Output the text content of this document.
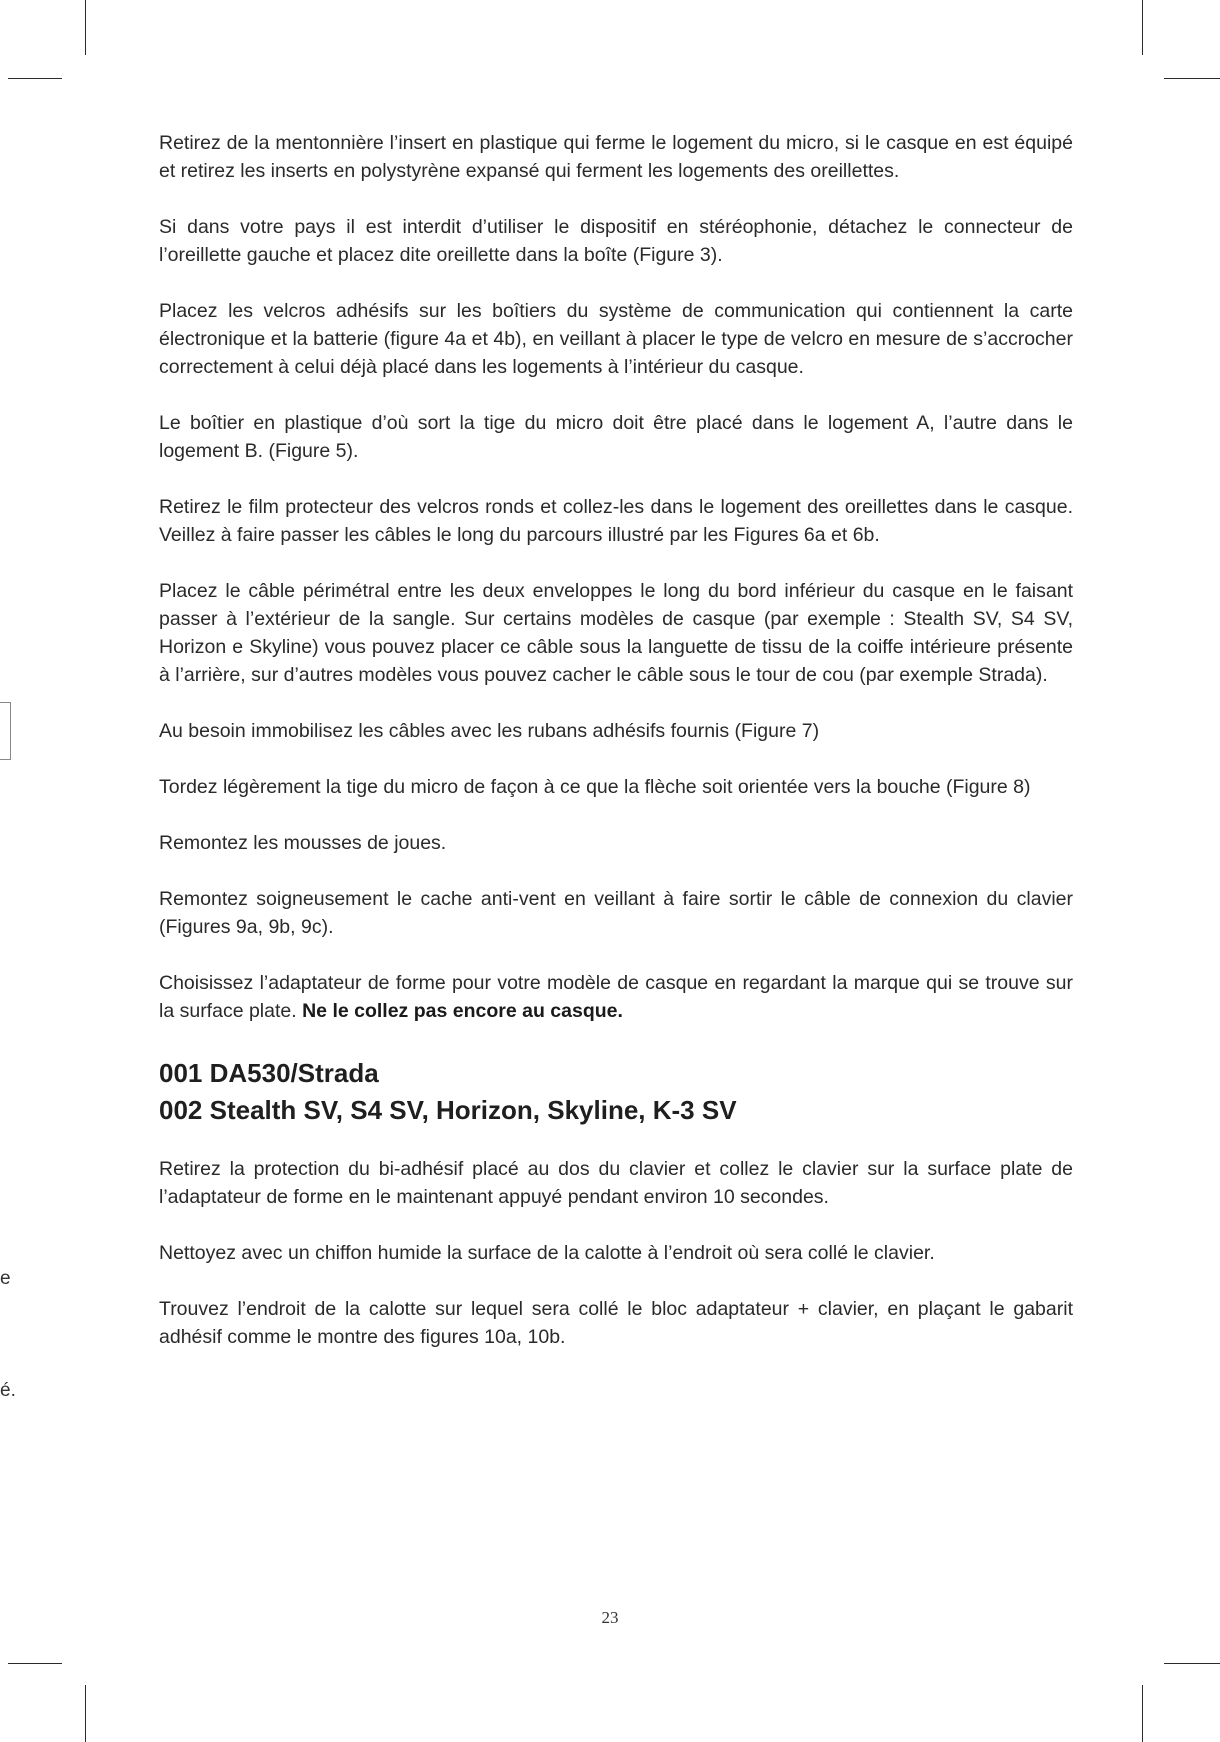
e
é.

Retirez de la mentonnière l’insert en plastique qui ferme le logement du micro, si le casque en est équipé et retirez les inserts en polystyrène expansé qui ferment les logements des oreillettes.

Si dans votre pays il est interdit d’utiliser le dispositif en stéréophonie, détachez le connecteur de l’oreillette gauche et placez dite oreillette dans la boîte (Figure 3).

Placez les velcros adhésifs sur les boîtiers du système de communication qui contiennent la carte électronique et la batterie (figure 4a et 4b), en veillant à placer le type de velcro en mesure de s’accrocher correctement à celui déjà placé dans les logements à l’intérieur du casque.

Le boîtier en plastique d’où sort la tige du micro doit être placé dans le logement A, l’autre dans le logement B. (Figure 5).

Retirez le film protecteur des velcros ronds et collez-les dans le logement des oreillettes dans le casque. Veillez à faire passer les câbles le long du parcours illustré par les Figures 6a et 6b.

Placez le câble périmétral entre les deux enveloppes le long du bord inférieur du casque en le faisant passer à l’extérieur de la sangle. Sur certains modèles de casque (par exemple : Stealth SV, S4 SV, Horizon e Skyline) vous pouvez placer ce câble sous la languette de tissu de la coiffe intérieure présente à l’arrière, sur d’autres modèles vous pouvez cacher le câble sous le tour de cou (par exemple Strada).

Au besoin immobilisez les câbles avec les rubans adhésifs fournis (Figure 7)

Tordez légèrement la tige du micro de façon à ce que la flèche soit orientée vers la bouche (Figure 8)

Remontez les mousses de joues.

Remontez soigneusement le cache anti-vent en veillant à faire sortir le câble de connexion du clavier (Figures 9a, 9b, 9c).

Choisissez l’adaptateur de forme pour votre modèle de casque en regardant la marque qui se trouve sur la surface plate. Ne le collez pas encore au casque.

001 DA530/Strada
002 Stealth SV, S4 SV, Horizon, Skyline, K-3 SV

Retirez la protection du bi-adhésif placé au dos du clavier et collez le clavier sur la surface plate de l’adaptateur de forme en le maintenant appuyé pendant environ 10 secondes.

Nettoyez avec un chiffon humide la surface de la calotte à l’endroit où sera collé le clavier.

Trouvez l’endroit de la calotte sur lequel sera collé le bloc adaptateur + clavier, en plaçant le gabarit adhésif comme le montre des figures 10a, 10b.

23
